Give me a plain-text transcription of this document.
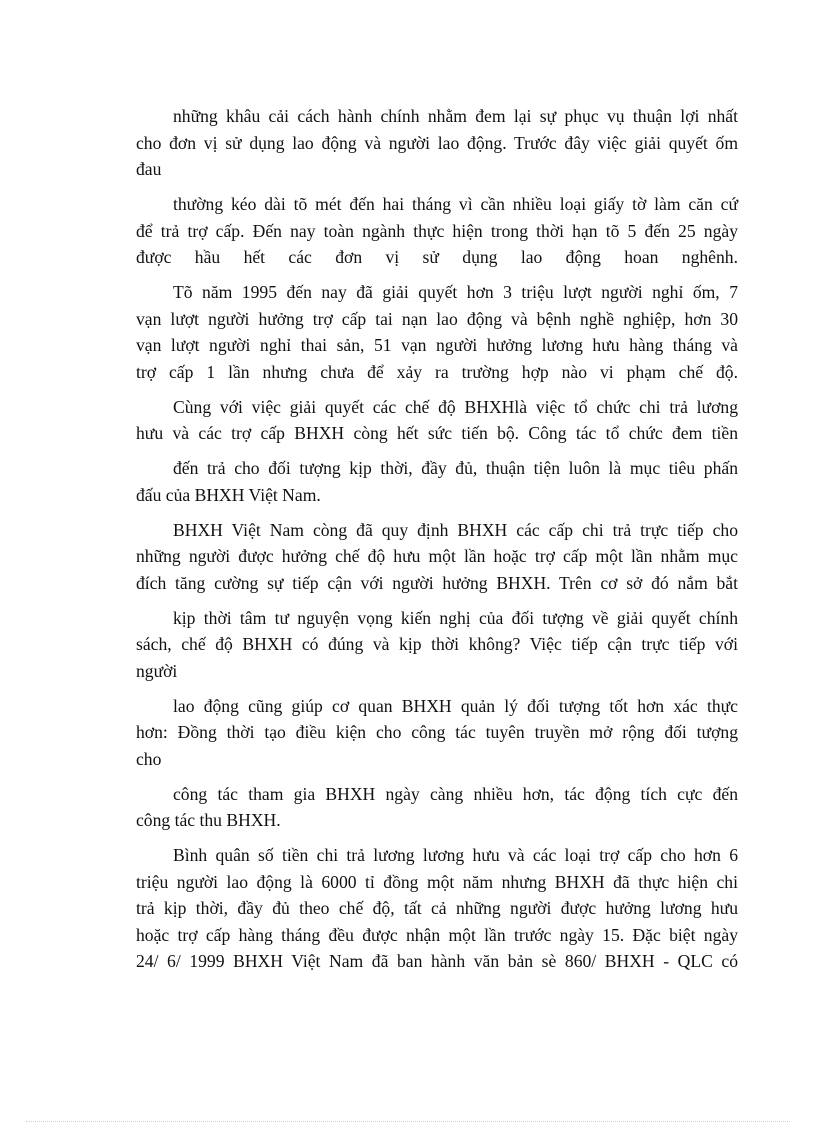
những khâu cải cách hành chính nhằm đem lại sự phục vụ thuận lợi nhất
cho đơn vị sử dụng lao động và người lao động. Trước đây việc giải quyết ốm
đau
thường kéo dài tõ mét đến hai tháng vì cần nhiều loại giấy tờ làm căn cứ
để trả trợ cấp. Đến nay toàn ngành thực hiện trong thời hạn tõ 5 đến 25 ngày
được hầu hết các đơn vị sử dụng lao động hoan nghênh.
Tõ năm 1995 đến nay đã giải quyết hơn 3 triệu lượt người nghỉ ốm, 7
vạn lượt người hưởng trợ cấp tai nạn lao động và bệnh nghề nghiệp, hơn 30
vạn lượt người nghỉ thai sản, 51 vạn người hưởng lương hưu hàng tháng và
trợ cấp 1 lần nhưng chưa để xảy ra trường hợp nào vi phạm chế độ.
Cùng với việc giải quyết các chế độ BHXHlà việc tổ chức chi trả lương
hưu và các trợ cấp BHXH còng hết sức tiến bộ. Công tác tổ chức đem tiền
đến trả cho đối tượng kịp thời, đầy đủ, thuận tiện luôn là mục tiêu phấn
đấu của BHXH Việt Nam.
BHXH Việt Nam còng đã quy định BHXH các cấp chi trả trực tiếp cho
những người được hưởng chế độ hưu một lần hoặc trợ cấp một lần nhằm mục
đích tăng cường sự tiếp cận với người hưởng BHXH. Trên cơ sở đó nắm bắt
kịp thời tâm tư nguyện vọng kiến nghị của đối tượng về giải quyết chính
sách, chế độ BHXH có đúng và kịp thời không? Việc tiếp cận trực tiếp với
người
lao động cũng giúp cơ quan BHXH quản lý đối tượng tốt hơn xác thực
hơn: Đồng thời tạo điều kiện cho công tác tuyên truyền mở rộng đối tượng
cho
công tác tham gia BHXH ngày càng nhiều hơn, tác động tích cực đến
công tác thu BHXH.
Bình quân số tiền chi trả lương lương hưu và các loại trợ cấp cho hơn 6
triệu người lao động là 6000 tỉ đồng một năm nhưng BHXH đã thực hiện chi
trả kịp thời, đầy đủ theo chế độ, tất cả những người được hưởng lương hưu
hoặc trợ cấp hàng tháng đều được nhận một lần trước ngày 15. Đặc biệt ngày
24/ 6/ 1999 BHXH Việt Nam đã ban hành văn bản sè 860/ BHXH - QLC có
